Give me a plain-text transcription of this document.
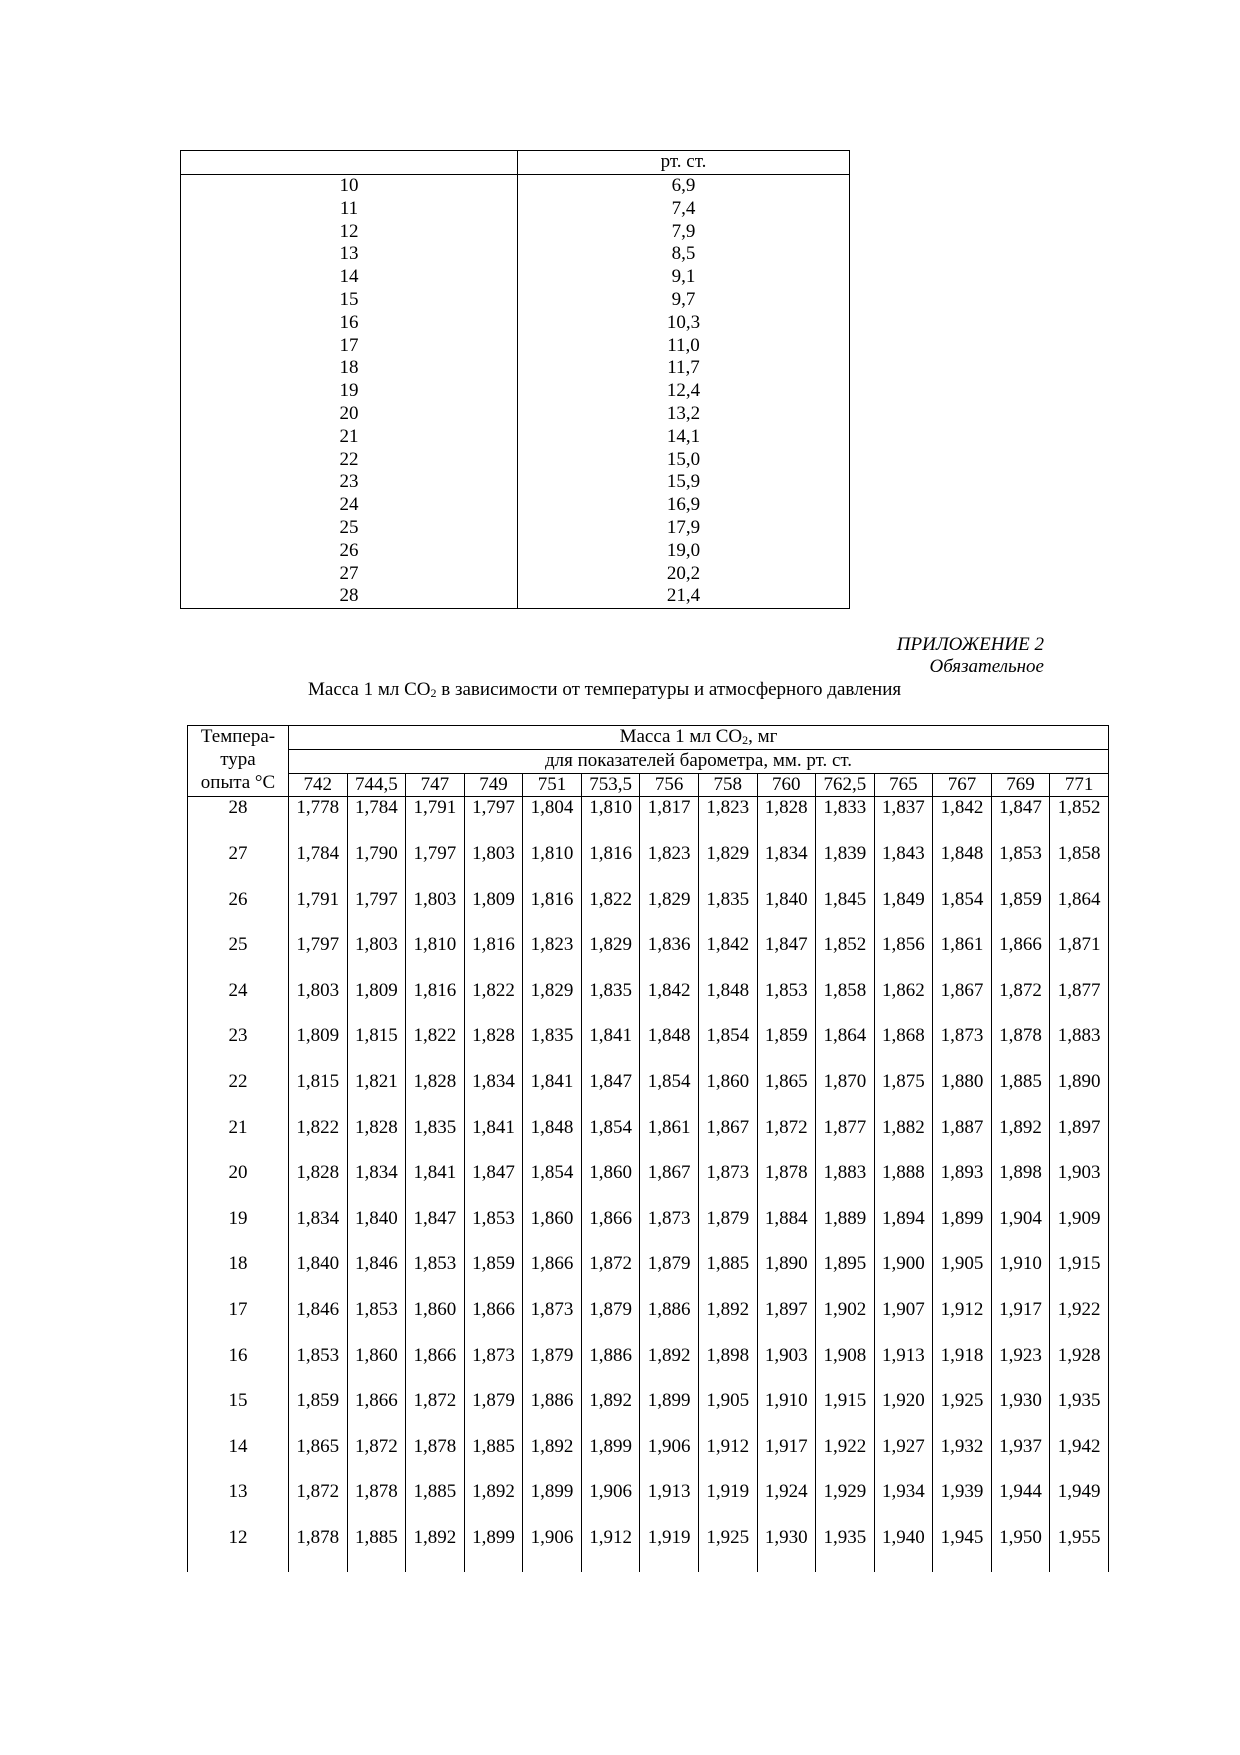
	рт. ст.
10	6,9
11	7,4
12	7,9
13	8,5
14	9,1
15	9,7
16	10,3
17	11,0
18	11,7
19	12,4
20	13,2
21	14,1
22	15,0
23	15,9
24	16,9
25	17,9
26	19,0
27	20,2
28	21,4
ПРИЛОЖЕНИЕ 2
Обязательное
Масса 1 мл $CO_2$ в зависимости от температуры и атмосферного давления
Темпера-
тура
опыта °С	Масса 1 мл $CO_2$, мг													
	для показателей барометра, мм. рт. ст.													
	742	744,5	747	749	751	753,5	756	758	760	762,5	765	767	769	771
28	1,778	1,784	1,791	1,797	1,804	1,810	1,817	1,823	1,828	1,833	1,837	1,842	1,847	1,852
27	1,784	1,790	1,797	1,803	1,810	1,816	1,823	1,829	1,834	1,839	1,843	1,848	1,853	1,858
26	1,791	1,797	1,803	1,809	1,816	1,822	1,829	1,835	1,840	1,845	1,849	1,854	1,859	1,864
25	1,797	1,803	1,810	1,816	1,823	1,829	1,836	1,842	1,847	1,852	1,856	1,861	1,866	1,871
24	1,803	1,809	1,816	1,822	1,829	1,835	1,842	1,848	1,853	1,858	1,862	1,867	1,872	1,877
23	1,809	1,815	1,822	1,828	1,835	1,841	1,848	1,854	1,859	1,864	1,868	1,873	1,878	1,883
22	1,815	1,821	1,828	1,834	1,841	1,847	1,854	1,860	1,865	1,870	1,875	1,880	1,885	1,890
21	1,822	1,828	1,835	1,841	1,848	1,854	1,861	1,867	1,872	1,877	1,882	1,887	1,892	1,897
20	1,828	1,834	1,841	1,847	1,854	1,860	1,867	1,873	1,878	1,883	1,888	1,893	1,898	1,903
19	1,834	1,840	1,847	1,853	1,860	1,866	1,873	1,879	1,884	1,889	1,894	1,899	1,904	1,909
18	1,840	1,846	1,853	1,859	1,866	1,872	1,879	1,885	1,890	1,895	1,900	1,905	1,910	1,915
17	1,846	1,853	1,860	1,866	1,873	1,879	1,886	1,892	1,897	1,902	1,907	1,912	1,917	1,922
16	1,853	1,860	1,866	1,873	1,879	1,886	1,892	1,898	1,903	1,908	1,913	1,918	1,923	1,928
15	1,859	1,866	1,872	1,879	1,886	1,892	1,899	1,905	1,910	1,915	1,920	1,925	1,930	1,935
14	1,865	1,872	1,878	1,885	1,892	1,899	1,906	1,912	1,917	1,922	1,927	1,932	1,937	1,942
13	1,872	1,878	1,885	1,892	1,899	1,906	1,913	1,919	1,924	1,929	1,934	1,939	1,944	1,949
12	1,878	1,885	1,892	1,899	1,906	1,912	1,919	1,925	1,930	1,935	1,940	1,945	1,950	1,955
